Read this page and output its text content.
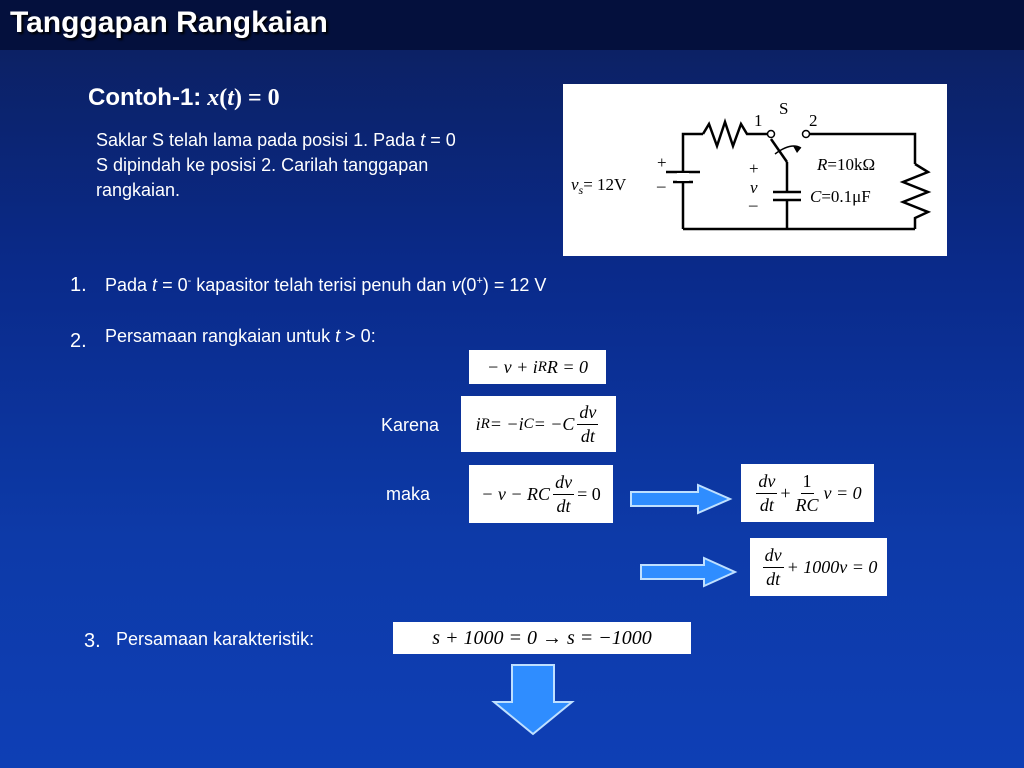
Tanggapan Rangkaian
Contoh-1: x(t) = 0
Saklar S telah lama pada posisi 1. Pada t = 0
S dipindah ke posisi 2. Carilah tanggapan
rangkaian.
S
1	2
+
–
$v_s= 12V$
+
v
–
R=10kΩ
C=0.1μF
1. Pada t = 0- kapasitor telah terisi penuh dan v(0+) = 12 V
2. Persamaan rangkaian untuk t > 0:
− v + i R R = 0
Karena i R = −i $C = -C \frac{dv}{dt}$
maka	− v − RC $\frac{dv}{dt} = 0$	$\frac{dv}{dt} + \frac{1}{RC}$ v = 0
$\frac{dv}{dt} + 1000v = 0$
3. Persamaan karakteristik:	s + 1000 = 0 → s = −1000
